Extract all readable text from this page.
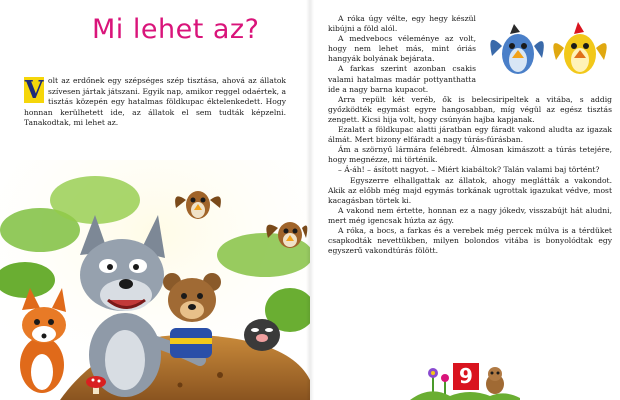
Mi lehet az?

V olt az erdőnek egy szépséges szép tisztása, ahová az állatok szívesen jártak játszani. Egyik nap, amikor reggel odaértek, a tisztás közepén egy hatalmas földkupac éktelenkedett. Hogy honnan kerülhetett ide, az állatok el sem tudták képzelni. Tanakodtak, mi lehet az.

A róka úgy vélte, egy hegy készül kibújni a föld alól.

A medvebocs véleménye az volt, hogy nem lehet más, mint óriás hangyák bolyának bejárata.

A farkas szerint azonban csakis valami hatalmas madár pottyanthatta ide a nagy barna kupacot.

Arra repült két veréb, ők is belecsiripeltek a vitába, s addig győzködték egymást egyre hangosabban, míg végül az egész tisztás zengett. Kicsi hija volt, hogy csúnyán hajba kapjanak.

Ezalatt a földkupac alatti járatban egy fáradt vakond aludta az igazak álmát. Mert bizony elfáradt a nagy túrás-fúrásban.

Ám a szörnyű lármára felébredt. Álmosan kimászott a túrás tetejére, hogy megnézze, mi történik.

– Á-áh! – ásított nagyot. – Miért kiabáltok? Talán valami baj történt?

Egyszerre elhallgattak az állatok, ahogy meglátták a vakondot. Akik az előbb még majd egymás torkának ugrottak igazukat védve, most kacagásban törtek ki.

A vakond nem értette, honnan ez a nagy jókedv, visszabújt hát aludni, mert még igencsak húzta az ágy.

A róka, a bocs, a farkas és a verebek még percek múlva is a térdüket csapkodták nevettükben, milyen bolondos vitába is bonyolódtak egy egyszerű vakondtúrás fölött.

9
